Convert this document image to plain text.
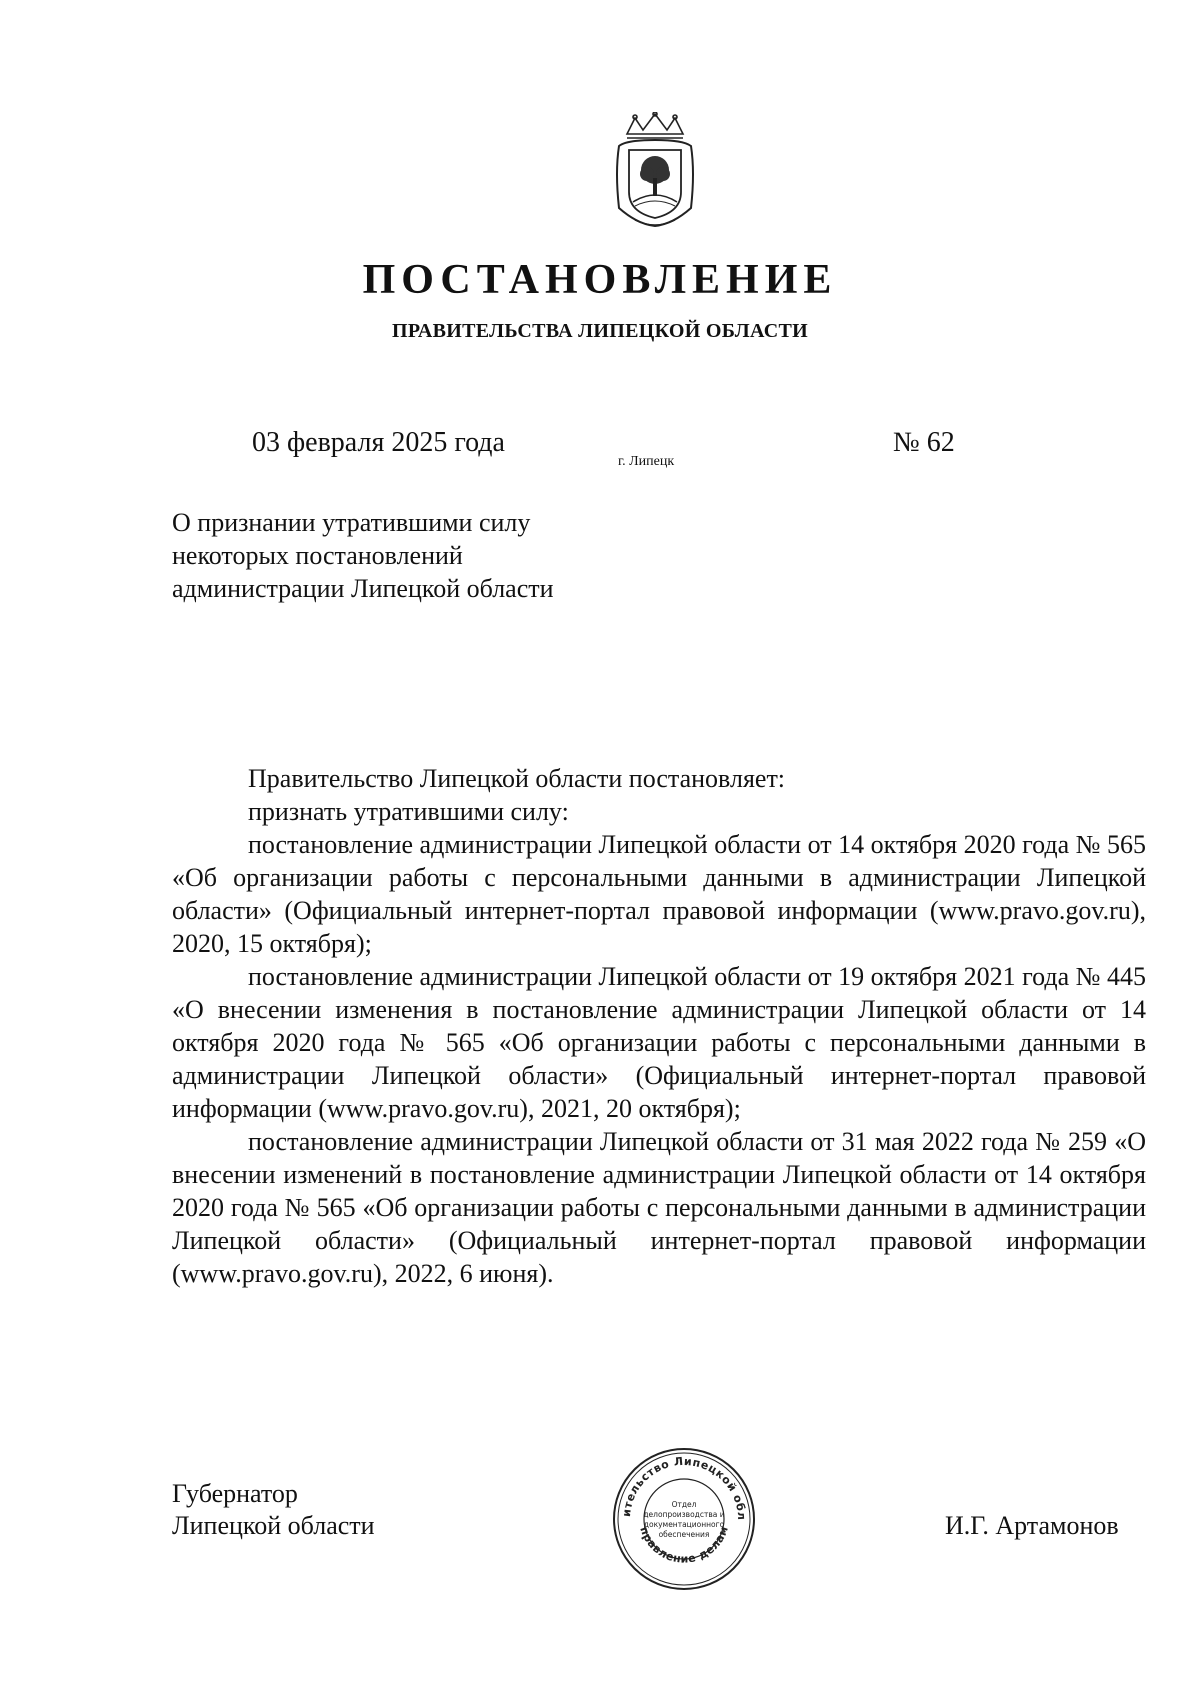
ПОСТАНОВЛЕНИЕ
ПРАВИТЕЛЬСТВА ЛИПЕЦКОЙ ОБЛАСТИ
03 февраля 2025 года
г. Липецк
№ 62
О признании утратившими силу
некоторых постановлений
администрации Липецкой области

Правительство Липецкой области постановляет:

признать утратившими силу:

постановление администрации Липецкой области от 14 октября 2020 года № 565 «Об организации работы с персональными данными в администрации Липецкой области» (Официальный интернет-портал правовой информации (www.pravo.gov.ru), 2020, 15 октября);

постановление администрации Липецкой области от 19 октября 2021 года № 445 «О внесении изменения в постановление администрации Липецкой области от 14 октября 2020 года № 565 «Об организации работы с персональными данными в администрации Липецкой области» (Официальный интернет-портал правовой информации (www.pravo.gov.ru), 2021, 20 октября);

постановление администрации Липецкой области от 31 мая 2022 года № 259 «О внесении изменений в постановление администрации Липецкой области от 14 октября 2020 года № 565 «Об организации работы с персональными данными в администрации Липецкой области» (Официальный интернет-портал правовой информации (www.pravo.gov.ru), 2022, 6 июня).

Губернатор
Липецкой области	И.Г. Артамонов
ительство Липецкой обл
правление делам
Отдел
делопроизводства и
документационного
обеспечения
